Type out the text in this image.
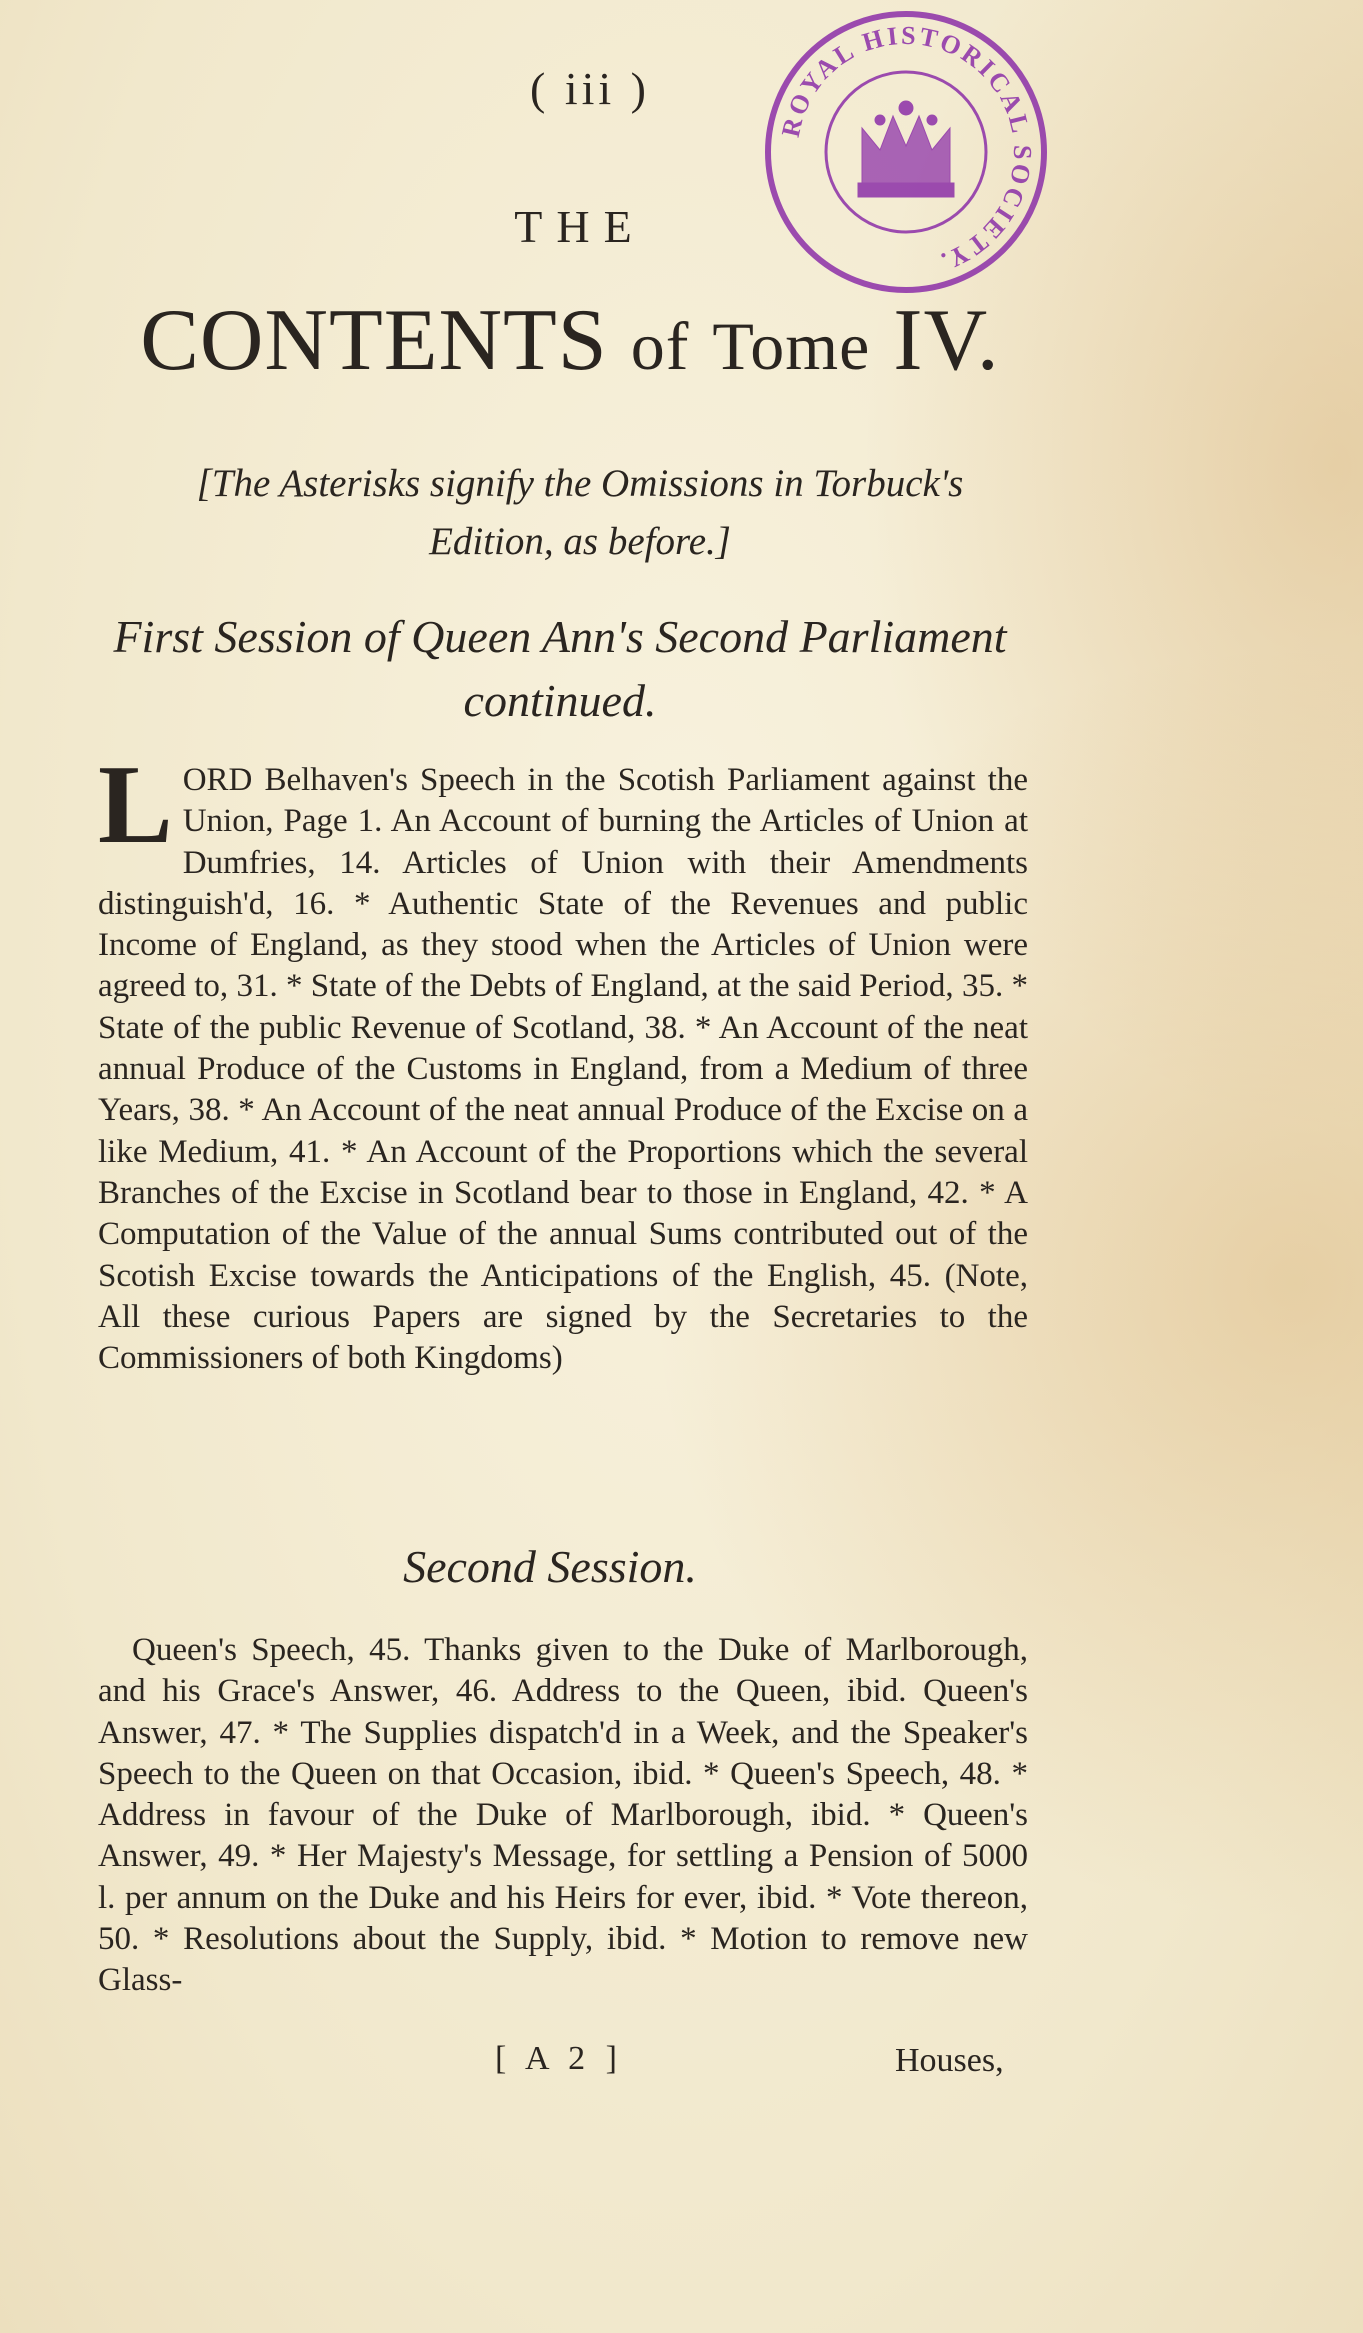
( iii )
ROYAL HISTORICAL SOCIETY.
THE
CONTENTS of Tome IV.
[The Asterisks signify the Omissions in Torbuck's Edition, as before.]
First Session of Queen Ann's Second Parliament continued.
LORD Belhaven's Speech in the Scotish Parliament against the Union, Page 1. An Account of burning the Articles of Union at Dumfries, 14. Articles of Union with their Amendments distinguish'd, 16. * Authentic State of the Revenues and public Income of England, as they stood when the Articles of Union were agreed to, 31. * State of the Debts of England, at the said Period, 35. * State of the public Revenue of Scotland, 38. * An Account of the neat annual Produce of the Customs in England, from a Medium of three Years, 38. * An Account of the neat annual Produce of the Excise on a like Medium, 41. * An Account of the Proportions which the several Branches of the Excise in Scotland bear to those in England, 42. * A Computation of the Value of the annual Sums contributed out of the Scotish Excise towards the Anticipations of the English, 45. (Note, All these curious Papers are signed by the Secretaries to the Commissioners of both Kingdoms)
Second Session.
Queen's Speech, 45. Thanks given to the Duke of Marlborough, and his Grace's Answer, 46. Address to the Queen, ibid. Queen's Answer, 47. * The Supplies dispatch'd in a Week, and the Speaker's Speech to the Queen on that Occasion, ibid. * Queen's Speech, 48. * Address in favour of the Duke of Marlborough, ibid. * Queen's Answer, 49. * Her Majesty's Message, for settling a Pension of 5000 l. per annum on the Duke and his Heirs for ever, ibid. * Vote thereon, 50. * Resolutions about the Supply, ibid. * Motion to remove new Glass-
[ A 2 ]	Houses,
